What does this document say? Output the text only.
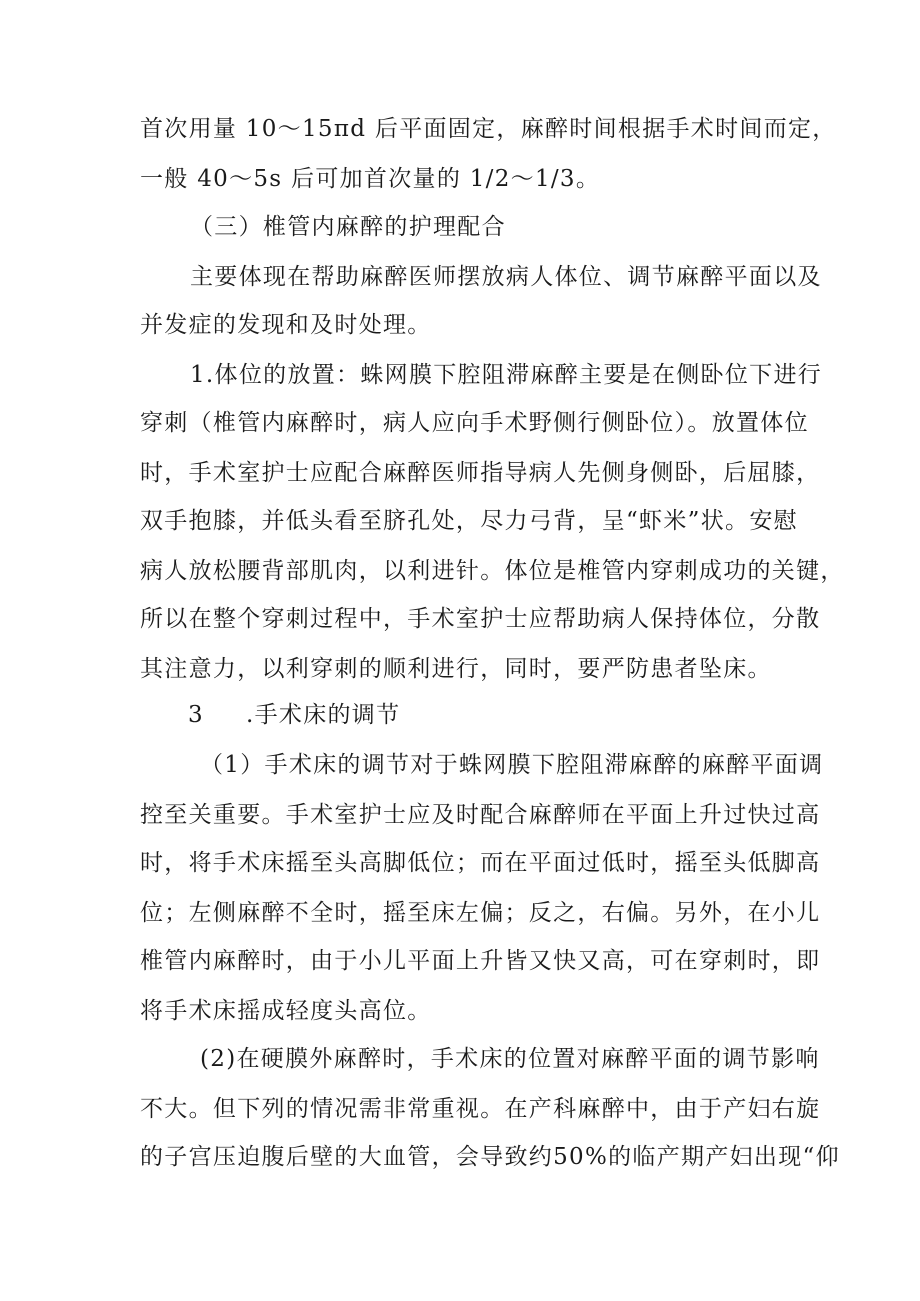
首次用量 10～15πd 后平面固定，麻醉时间根据手术时间而定，
一般 40～5s 后可加首次量的 1/2～1/3。
（三）椎管内麻醉的护理配合
主要体现在帮助麻醉医师摆放病人体位、调节麻醉平面以及
并发症的发现和及时处理。
1.体位的放置：蛛网膜下腔阻滞麻醉主要是在侧卧位下进行
穿刺（椎管内麻醉时，病人应向手术野侧行侧卧位）。放置体位
时，手术室护士应配合麻醉医师指导病人先侧身侧卧，后屈膝，
双手抱膝，并低头看至脐孔处，尽力弓背，呈“虾米”状。安慰
病人放松腰背部肌肉，以利进针。体位是椎管内穿刺成功的关键，
所以在整个穿刺过程中，手术室护士应帮助病人保持体位，分散
其注意力，以利穿刺的顺利进行，同时，要严防患者坠床。
3 .手术床的调节
（1）手术床的调节对于蛛网膜下腔阻滞麻醉的麻醉平面调
控至关重要。手术室护士应及时配合麻醉师在平面上升过快过高
时，将手术床摇至头高脚低位；而在平面过低时，摇至头低脚高
位；左侧麻醉不全时，摇至床左偏；反之，右偏。另外，在小儿
椎管内麻醉时，由于小儿平面上升皆又快又高，可在穿刺时，即
将手术床摇成轻度头高位。
(2)在硬膜外麻醉时，手术床的位置对麻醉平面的调节影响
不大。但下列的情况需非常重视。在产科麻醉中，由于产妇右旋
的子宫压迫腹后壁的大血管，会导致约50%的临产期产妇出现“仰
